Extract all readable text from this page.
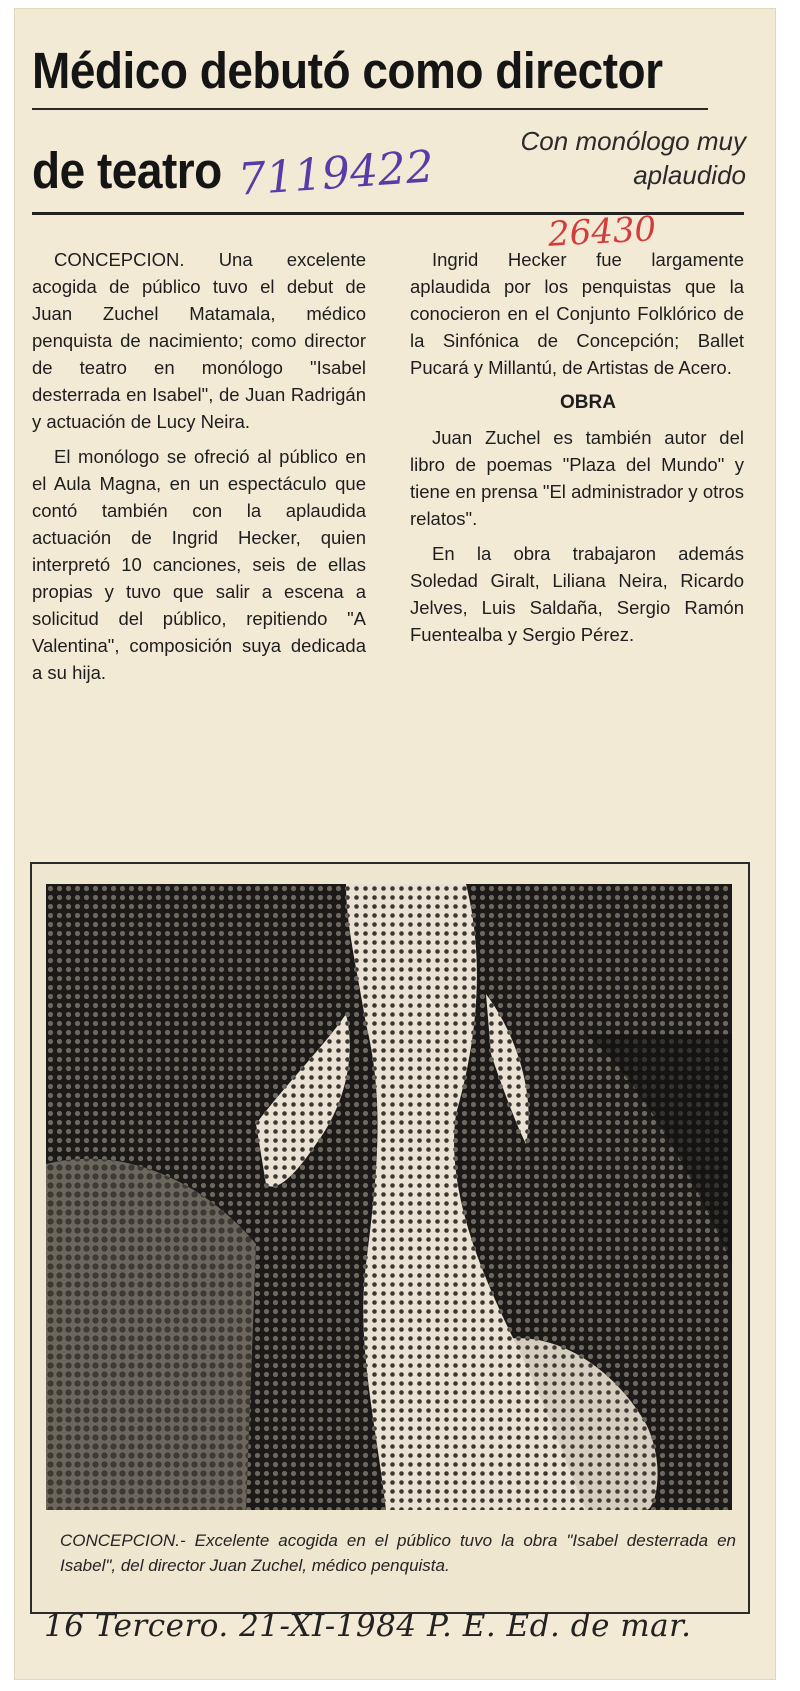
Médico debutó como director
de teatro 7119422
Con monólogo muy aplaudido
26430

CONCEPCION. Una excelente acogida de público tuvo el debut de Juan Zuchel Matamala, médico penquista de nacimiento; como director de teatro en monólogo "Isabel desterrada en Isabel", de Juan Radrigán y actuación de Lucy Neira.

El monólogo se ofreció al público en el Aula Magna, en un espectáculo que contó también con la aplaudida actuación de Ingrid Hecker, quien interpretó 10 canciones, seis de ellas propias y tuvo que salir a escena a solicitud del público, repitiendo "A Valentina", composición suya dedicada a su hija.

Ingrid Hecker fue largamente aplaudida por los penquistas que la conocieron en el Conjunto Folklórico de la Sinfónica de Concepción; Ballet Pucará y Millantú, de Artistas de Acero.

OBRA

Juan Zuchel es también autor del libro de poemas "Plaza del Mundo" y tiene en prensa "El administrador y otros relatos".

En la obra trabajaron además Soledad Giralt, Liliana Neira, Ricardo Jelves, Luis Saldaña, Sergio Ramón Fuentealba y Sergio Pérez.

CONCEPCION.- Excelente acogida en el público tuvo la obra "Isabel desterrada en Isabel", del director Juan Zuchel, médico penquista.
16 Tercero. 21-XI-1984 P. E. Ed. de mar.
